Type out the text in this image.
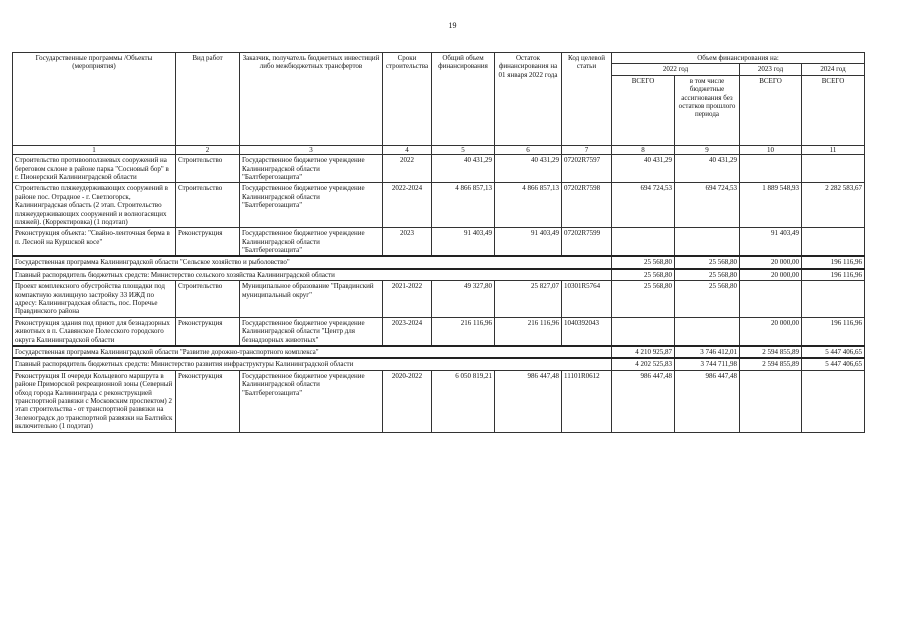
19
Государственные программы /Объекты (мероприятия)	Вид работ	Заказчик, получатель бюджетных инвестиций либо межбюджетных трансфертов	Сроки строительства	Общий объем финансирования	Остаток финансирования на 01 января 2022 года	Код целевой статьи	Объем финансирования на:			
							2022 год		2023 год	2024 год
							ВСЕГО	в том числе бюджетные ассигнования без остатков прошлого периода	ВСЕГО	ВСЕГО
1	2	3	4	5	6	7	8	9	10	11
Строительство противооползневых сооружений на береговом склоне в районе парка "Сосновый бор" в г. Пионерский Калининградской области	Строительство	Государственное бюджетное учреждение Калининградской области "Балтберегозащита"	2022	40 431,29	40 431,29	07202R7597	40 431,29	40 431,29		
Строительство пляжеудерживающих сооружений в районе пос. Отрадное - г. Светлогорск, Калининградская область (2 этап. Строительство пляжеудерживающих сооружений и волногасящих пляжей). (Корректировка) (1 подэтап)	Строительство	Государственное бюджетное учреждение Калининградской области "Балтберегозащита"	2022-2024	4 866 857,13	4 866 857,13	07202R7598	694 724,53	694 724,53	1 889 548,93	2 282 583,67
Реконструкция объекта: "Свайно-ленточная берма в п. Лесной на Куршской косе"	Реконструкция	Государственное бюджетное учреждение Калининградской области "Балтберегозащита"	2023	91 403,49	91 403,49	07202R7599			91 403,49	
Государственная программа Калининградской области "Сельское хозяйство и рыболовство"							25 568,80	25 568,80	20 000,00	196 116,96
Главный распорядитель бюджетных средств: Министерство сельского хозяйства Калининградской области							25 568,80	25 568,80	20 000,00	196 116,96
Проект комплексного обустройства площадки под компактную жилищную застройку 33 ИЖД по адресу: Калининградская область, пос. Поречье Правдинского района	Строительство	Муниципальное образование "Правдинский муниципальный округ"	2021-2022	49 327,80	25 827,07	10301R5764	25 568,80	25 568,80		
Реконструкция здания под приют для безнадзорных животных в п. Славянское Полесского городского округа Калининградской области	Реконструкция	Государственное бюджетное учреждение Калининградской области "Центр для безнадзорных животных"	2023-2024	216 116,96	216 116,96	1040392043			20 000,00	196 116,96
Государственная программа Калининградской области "Развитие дорожно-транспортного комплекса"							4 210 925,87	3 746 412,01	2 594 855,89	5 447 406,65
Главный распорядитель бюджетных средств: Министерство развития инфраструктуры Калининградской области							4 202 525,83	3 744 711,98	2 594 855,89	5 447 406,65
Реконструкция II очереди Кольцевого маршрута в районе Приморской рекреационной зоны (Северный обход города Калининграда с реконструкцией транспортной развязки с Московским проспектом) 2 этап строительства - от транспортной развязки на Зеленоградск до транспортной развязки на Балтийск включительно (1 подэтап)	Реконструкция	Государственное бюджетное учреждение Калининградской области "Балтберегозащита"	2020-2022	6 050 819,21	986 447,48	11101R0612	986 447,48	986 447,48		
